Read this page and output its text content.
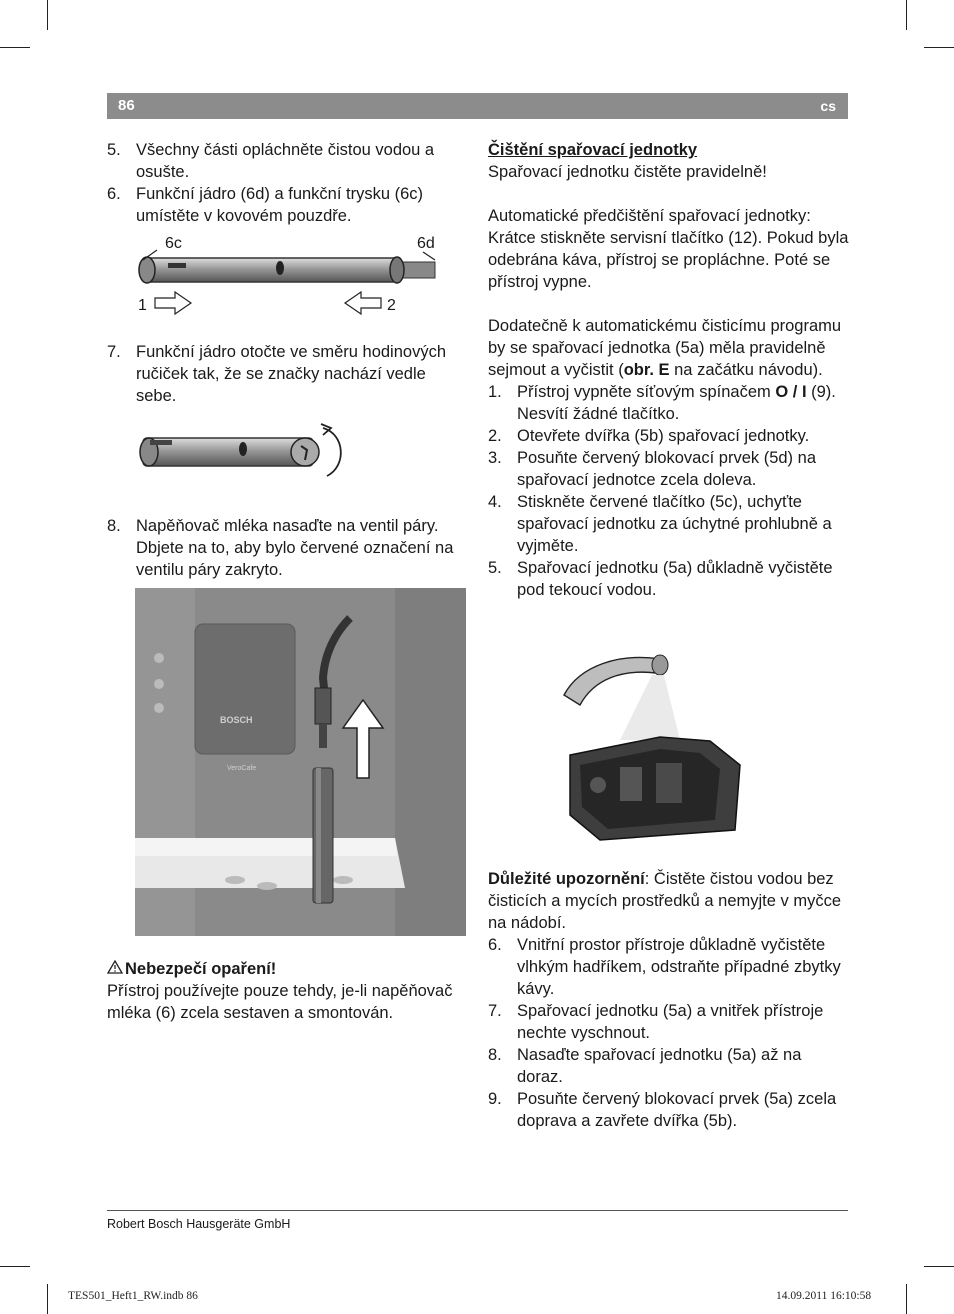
86	cs
5. Všechny části opláchněte čistou vodou a osušte.
6. Funkční jádro (6d) a funkční trysku (6c) umístěte v kovovém pouzdře.
6c	6d
1	2
7. Funkční jádro otočte ve směru hodinových ručiček tak, že se značky nachází vedle sebe.
8. Napěňovač mléka nasaďte na ventil páry. Dbjete na to, aby bylo červené označení na ventilu páry zakryto.
BOSCH
VeroCafe

Nebezpečí opaření!

Přístroj používejte pouze tehdy, je-li napěňovač mléka (6) zcela sestaven a smontován.

Čištění spařovací jednotky

Spařovací jednotku čistěte pravidelně!

Automatické předčištění spařovací jednotky: Krátce stiskněte servisní tlačítko (12). Pokud byla odebrána káva, přístroj se propláchne. Poté se přístroj vypne.

Dodatečně k automatickému čisticímu programu by se spařovací jednotka (5a) měla pravidelně sejmout a vyčistit (obr. E na začátku návodu).

1. Přístroj vypněte síťovým spínačem O / I (9). Nesvítí žádné tlačítko.
2. Otevřete dvířka (5b) spařovací jednotky.
3. Posuňte červený blokovací prvek (5d) na spařovací jednotce zcela doleva.
4. Stiskněte červené tlačítko (5c), uchyťte spařovací jednotku za úchytné prohlubně a vyjměte.
5. Spařovací jednotku (5a) důkladně vyčistěte pod tekoucí vodou.

Důležité upozornění: Čistěte čistou vodou bez čisticích a mycích prostředků a nemyjte v myčce na nádobí.

6. Vnitřní prostor přístroje důkladně vyčistěte vlhkým hadříkem, odstraňte případné zbytky kávy.
7. Spařovací jednotku (5a) a vnitřek přístroje nechte vyschnout.
8. Nasaďte spařovací jednotku (5a) až na doraz.
9. Posuňte červený blokovací prvek (5a) zcela doprava a zavřete dvířka (5b).
Robert Bosch Hausgeräte GmbH
TES501_Heft1_RW.indb 86	14.09.2011 16:10:58
